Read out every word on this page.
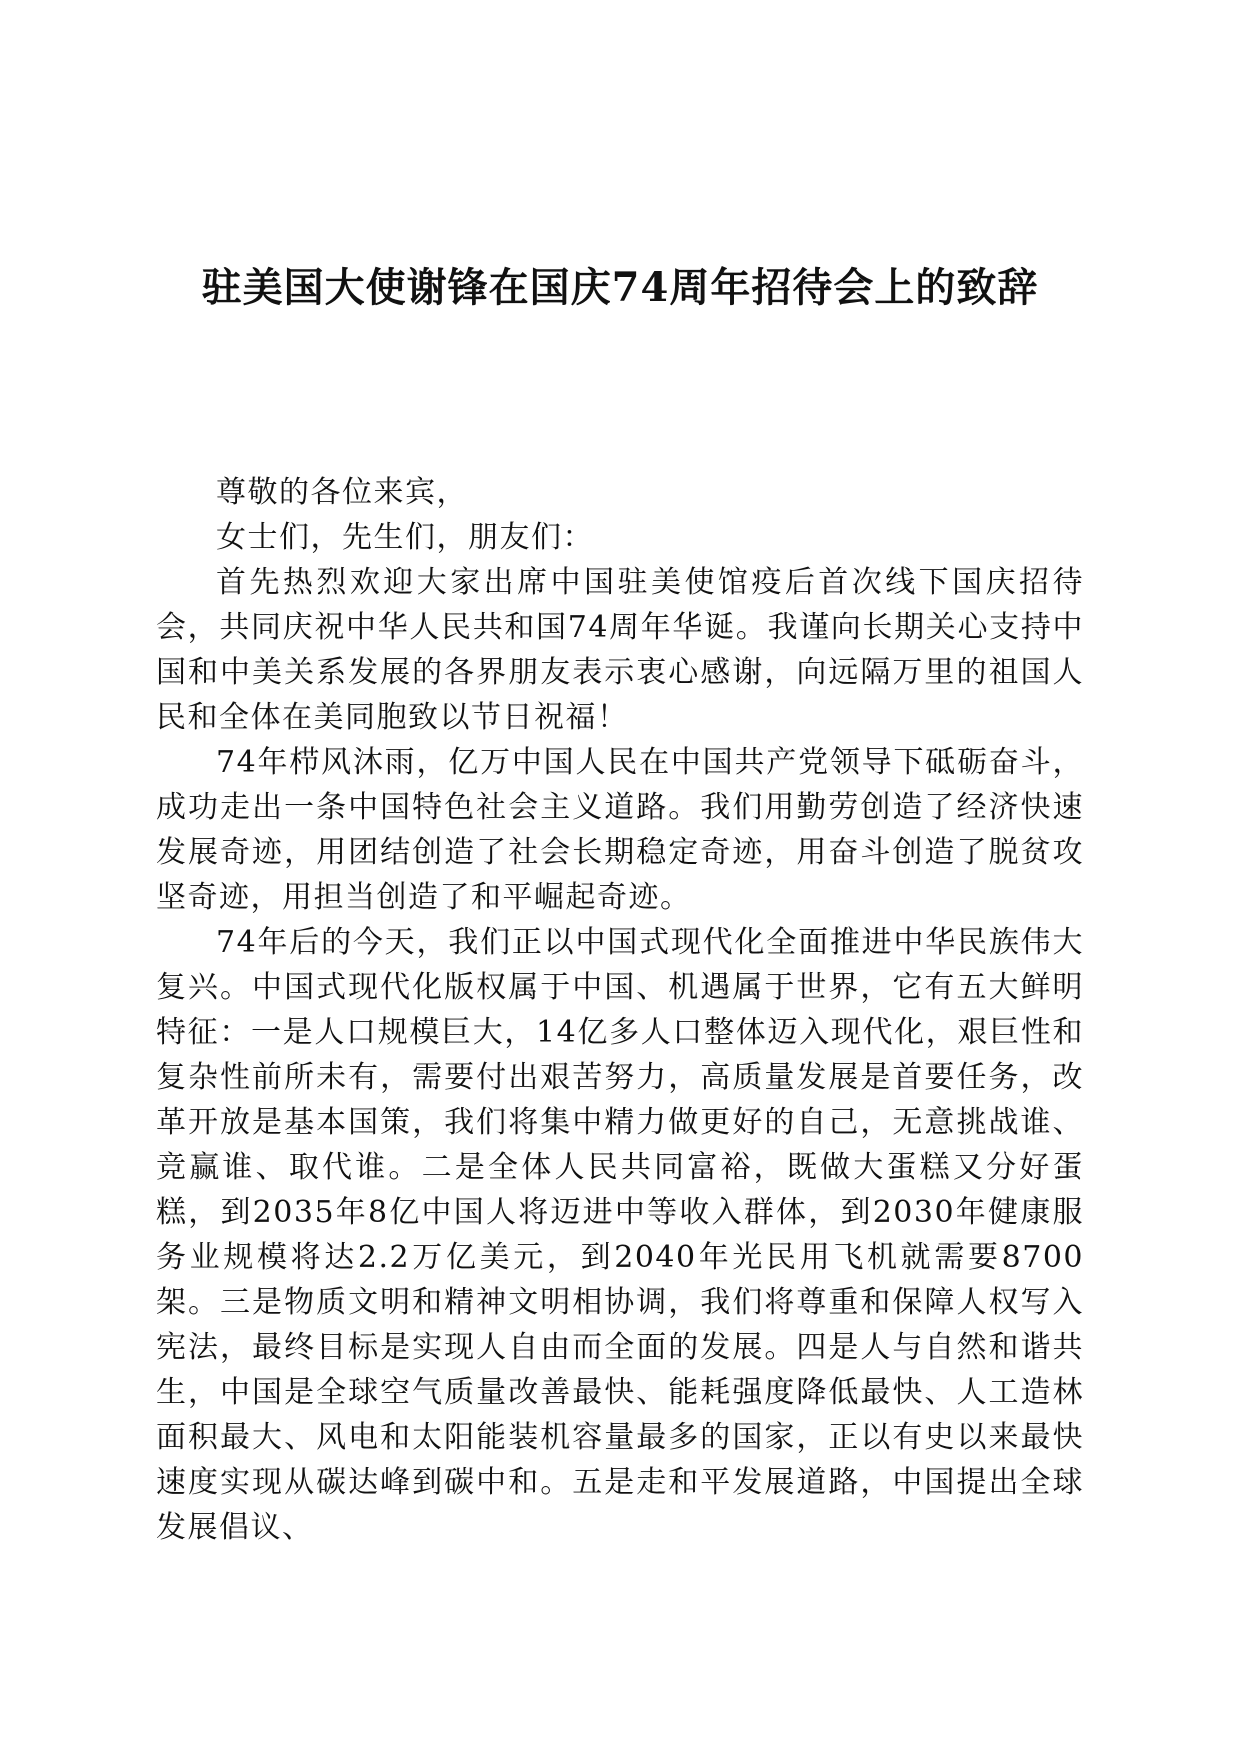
驻美国大使谢锋在国庆74周年招待会上的致辞

尊敬的各位来宾，

女士们，先生们，朋友们：

首先热烈欢迎大家出席中国驻美使馆疫后首次线下国庆招待会，共同庆祝中华人民共和国74周年华诞。我谨向长期关心支持中国和中美关系发展的各界朋友表示衷心感谢，向远隔万里的祖国人民和全体在美同胞致以节日祝福！

74年栉风沐雨，亿万中国人民在中国共产党领导下砥砺奋斗，成功走出一条中国特色社会主义道路。我们用勤劳创造了经济快速发展奇迹，用团结创造了社会长期稳定奇迹，用奋斗创造了脱贫攻坚奇迹，用担当创造了和平崛起奇迹。

74年后的今天，我们正以中国式现代化全面推进中华民族伟大复兴。中国式现代化版权属于中国、机遇属于世界，它有五大鲜明特征：一是人口规模巨大，14亿多人口整体迈入现代化，艰巨性和复杂性前所未有，需要付出艰苦努力，高质量发展是首要任务，改革开放是基本国策，我们将集中精力做更好的自己，无意挑战谁、竞赢谁、取代谁。二是全体人民共同富裕，既做大蛋糕又分好蛋糕，到2035年8亿中国人将迈进中等收入群体，到2030年健康服务业规模将达2.2万亿美元，到2040年光民用飞机就需要8700架。三是物质文明和精神文明相协调，我们将尊重和保障人权写入宪法，最终目标是实现人自由而全面的发展。四是人与自然和谐共生，中国是全球空气质量改善最快、能耗强度降低最快、人工造林面积最大、风电和太阳能装机容量最多的国家，正以有史以来最快速度实现从碳达峰到碳中和。五是走和平发展道路，中国提出全球发展倡议、
